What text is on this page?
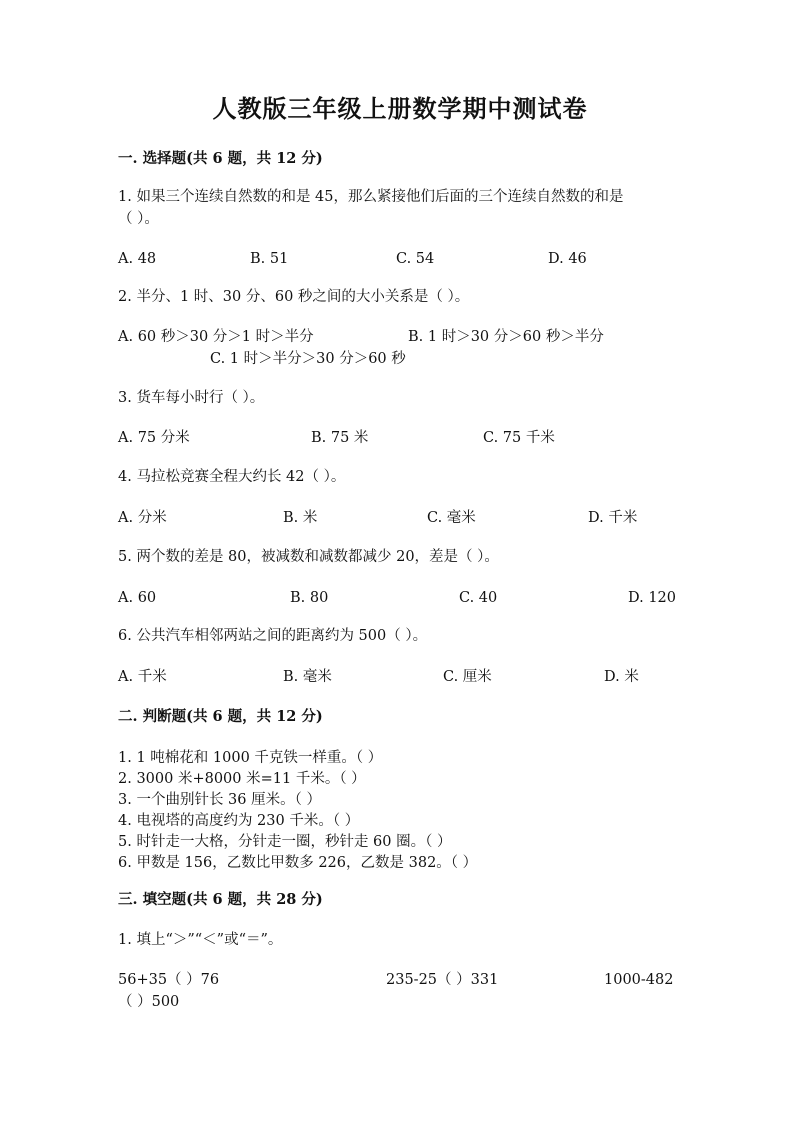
人教版三年级上册数学期中测试卷
一. 选择题(共 6 题，共 12 分)
1. 如果三个连续自然数的和是 45，那么紧接他们后面的三个连续自然数的和是
（ ）。
A. 48	B. 51	C. 54	D. 46
2. 半分、1 时、30 分、60 秒之间的大小关系是（ ）。
A. 60 秒＞30 分＞1 时＞半分	B. 1 时＞30 分＞60 秒＞半分
C. 1 时＞半分＞30 分＞60 秒
3. 货车每小时行（ ）。
A. 75 分米	B. 75 米	C. 75 千米
4. 马拉松竞赛全程大约长 42（ ）。
A. 分米	B. 米	C. 毫米	D. 千米
5. 两个数的差是 80，被减数和减数都减少 20，差是（ ）。
A. 60	B. 80	C. 40	D. 120
6. 公共汽车相邻两站之间的距离约为 500（ ）。
A. 千米	B. 毫米	C. 厘米	D. 米
二. 判断题(共 6 题，共 12 分)
1. 1 吨棉花和 1000 千克铁一样重。（ ）
2. 3000 米+8000 米=11 千米。（ ）
3. 一个曲别针长 36 厘米。（ ）
4. 电视塔的高度约为 230 千米。（ ）
5. 时针走一大格，分针走一圈，秒针走 60 圈。（ ）
6. 甲数是 156，乙数比甲数多 226，乙数是 382。（ ）
三. 填空题(共 6 题，共 28 分)
1. 填上“＞”“＜”或“＝”。
56+35（ ）76	235-25（ ）331	1000-482
（ ）500
